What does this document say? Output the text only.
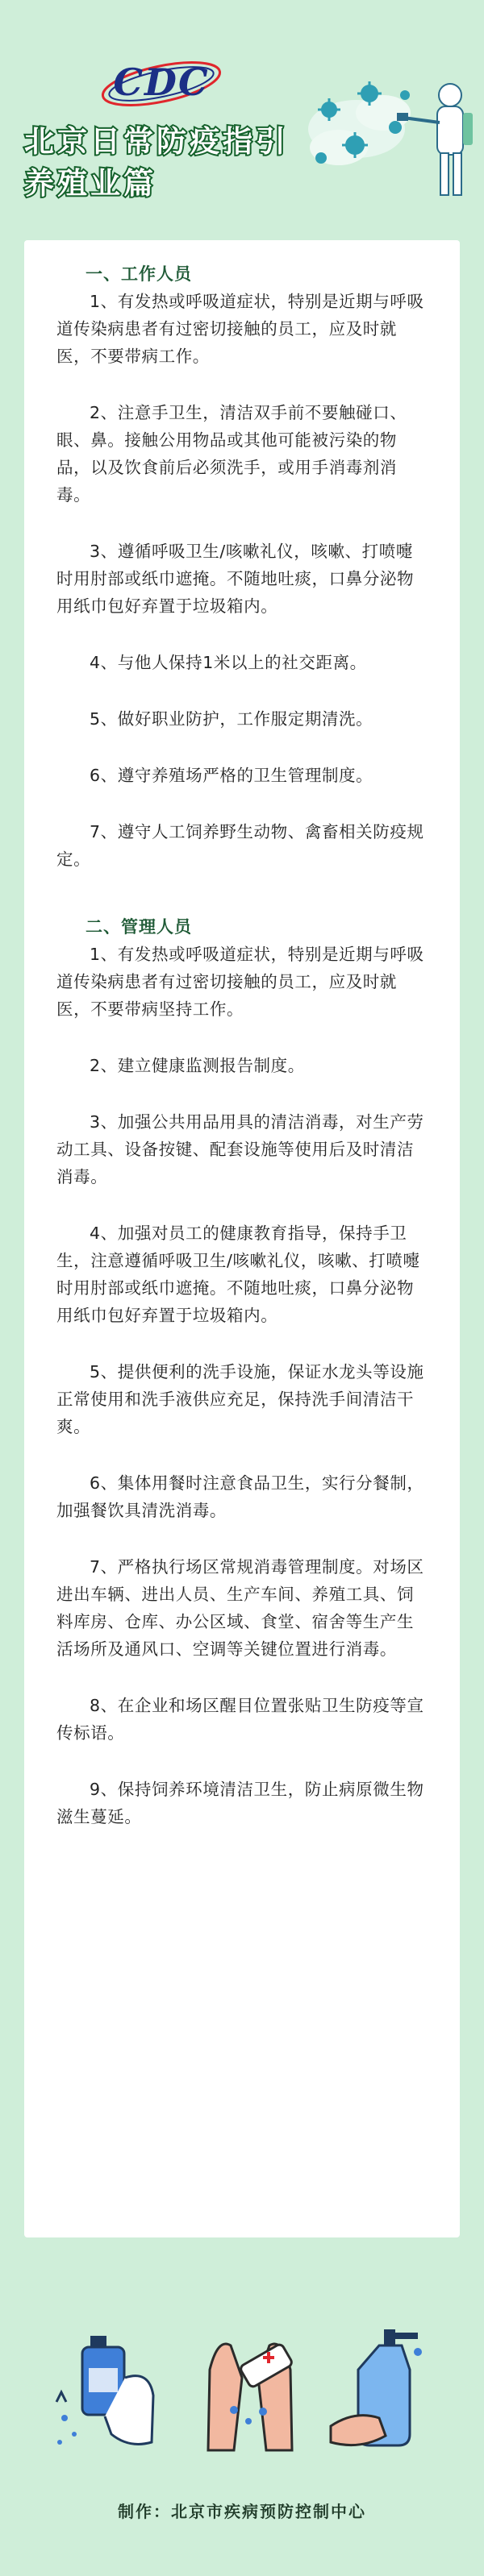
CDC
北京日常防疫指引
养殖业篇
一、工作人员

1、有发热或呼吸道症状，特别是近期与呼吸道传染病患者有过密切接触的员工，应及时就医，不要带病工作。

2、注意手卫生，清洁双手前不要触碰口、眼、鼻。接触公用物品或其他可能被污染的物品，以及饮食前后必须洗手，或用手消毒剂消毒。

3、遵循呼吸卫生/咳嗽礼仪，咳嗽、打喷嚏时用肘部或纸巾遮掩。不随地吐痰，口鼻分泌物用纸巾包好弃置于垃圾箱内。

4、与他人保持1米以上的社交距离。

5、做好职业防护，工作服定期清洗。

6、遵守养殖场严格的卫生管理制度。

7、遵守人工饲养野生动物、禽畜相关防疫规定。

二、管理人员

1、有发热或呼吸道症状，特别是近期与呼吸道传染病患者有过密切接触的员工，应及时就医，不要带病坚持工作。

2、建立健康监测报告制度。

3、加强公共用品用具的清洁消毒，对生产劳动工具、设备按键、配套设施等使用后及时清洁消毒。

4、加强对员工的健康教育指导，保持手卫生，注意遵循呼吸卫生/咳嗽礼仪，咳嗽、打喷嚏时用肘部或纸巾遮掩。不随地吐痰，口鼻分泌物用纸巾包好弃置于垃圾箱内。

5、提供便利的洗手设施，保证水龙头等设施正常使用和洗手液供应充足，保持洗手间清洁干爽。

6、集体用餐时注意食品卫生，实行分餐制，加强餐饮具清洗消毒。

7、严格执行场区常规消毒管理制度。对场区进出车辆、进出人员、生产车间、养殖工具、饲料库房、仓库、办公区域、食堂、宿舍等生产生活场所及通风口、空调等关键位置进行消毒。

8、在企业和场区醒目位置张贴卫生防疫等宣传标语。

9、保持饲养环境清洁卫生，防止病原微生物滋生蔓延。

制作：北京市疾病预防控制中心
